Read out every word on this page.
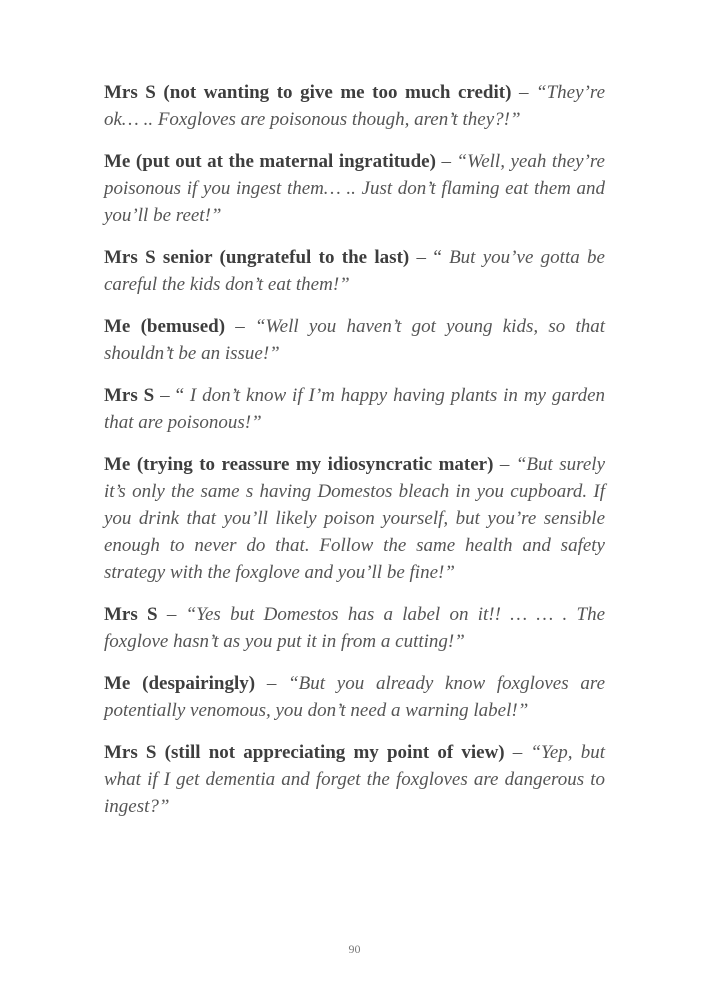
Mrs S (not wanting to give me too much credit) – “They’re ok… .. Foxgloves are poisonous though, aren’t they?!”

Me (put out at the maternal ingratitude) – “Well, yeah they’re poisonous if you ingest them… .. Just don’t flaming eat them and you’ll be reet!”

Mrs S senior (ungrateful to the last) – “ But you’ve gotta be careful the kids don’t eat them!”

Me (bemused) – “Well you haven’t got young kids, so that shouldn’t be an issue!”

Mrs S – “ I don’t know if I’m happy having plants in my garden that are poisonous!”

Me (trying to reassure my idiosyncratic mater) – “But surely it’s only the same s having Domestos bleach in you cupboard. If you drink that you’ll likely poison yourself, but you’re sensible enough to never do that. Follow the same health and safety strategy with the foxglove and you’ll be fine!”

Mrs S – “Yes but Domestos has a label on it!! … … . The foxglove hasn’t as you put it in from a cutting!”

Me (despairingly) – “But you already know foxgloves are potentially venomous, you don’t need a warning label!”

Mrs S (still not appreciating my point of view) – “Yep, but what if I get dementia and forget the foxgloves are dangerous to ingest?”

90
